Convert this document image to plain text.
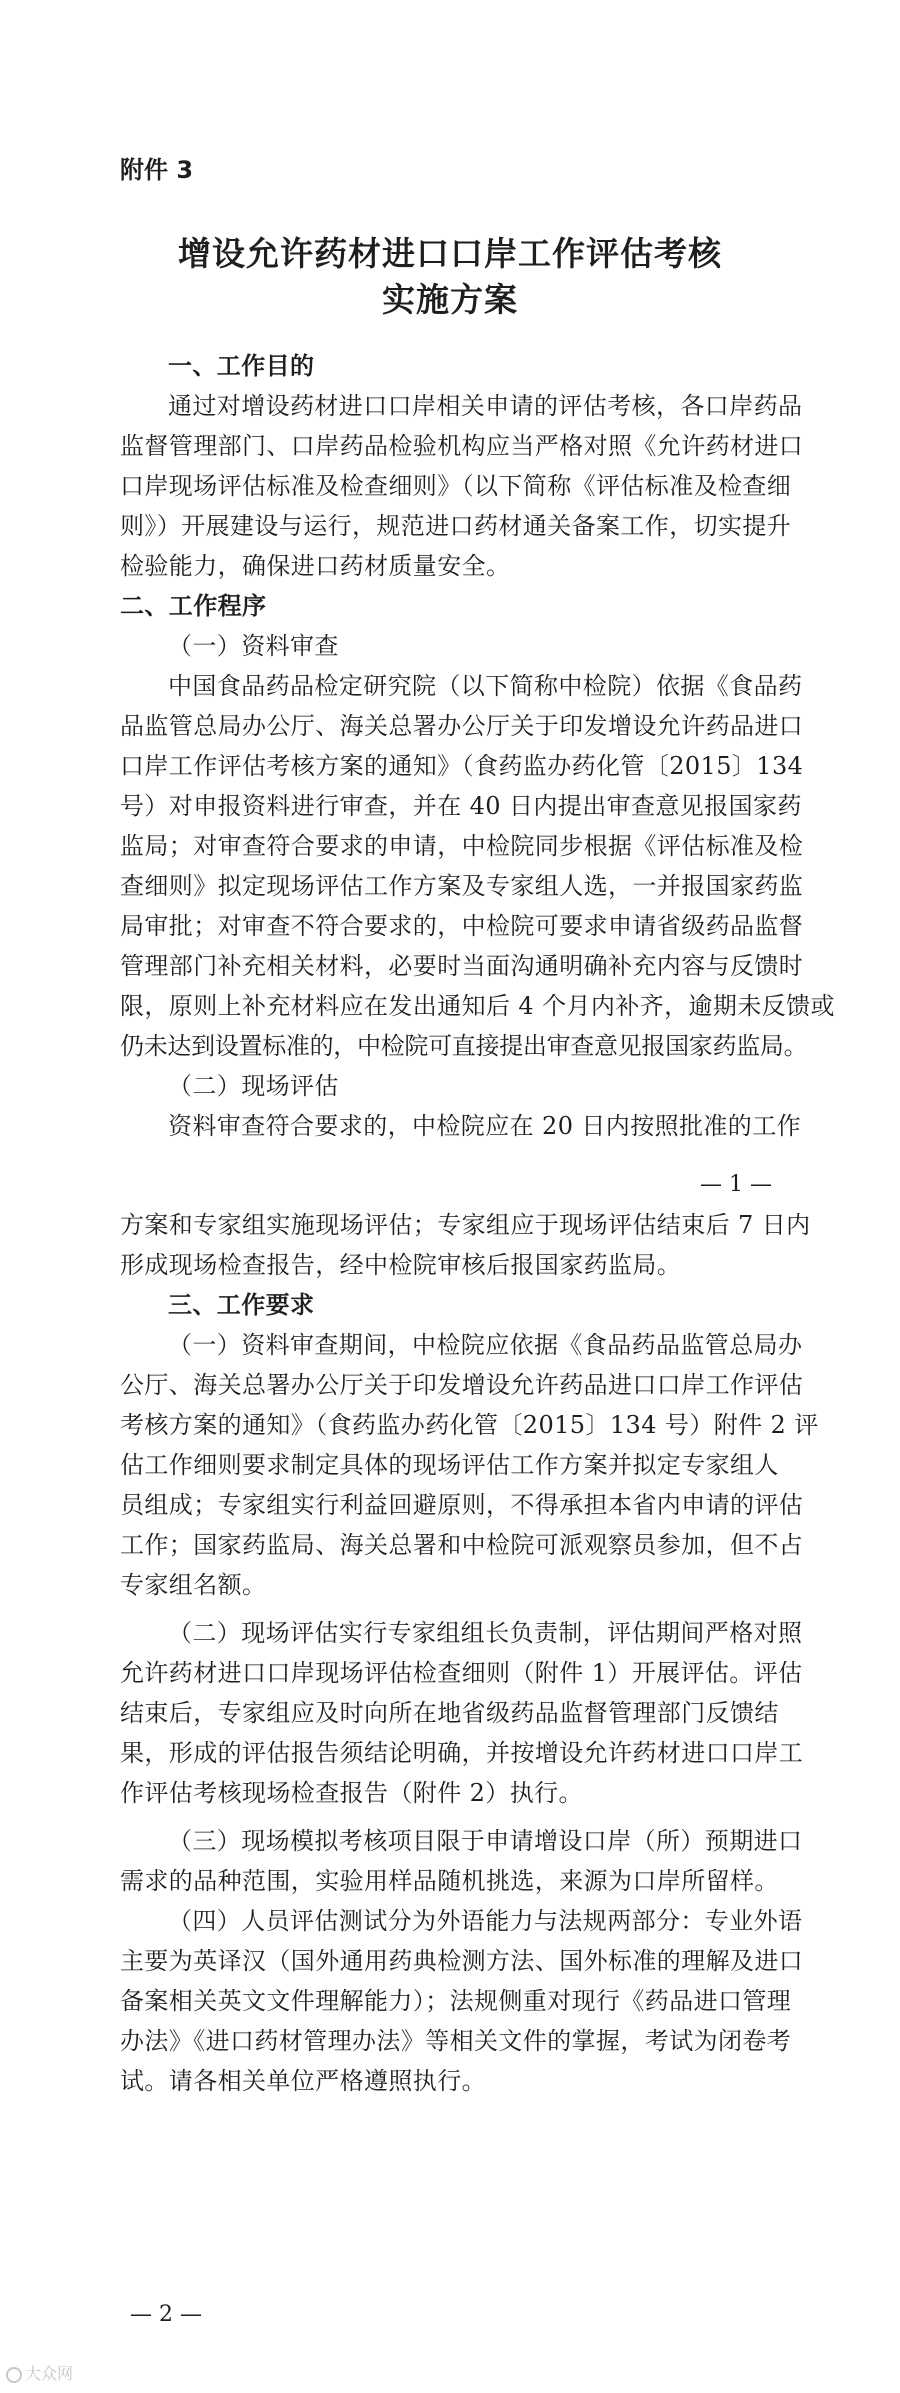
附件 3
增设允许药材进口口岸工作评估考核
实施方案
一、工作目的
通过对增设药材进口口岸相关申请的评估考核，各口岸药品
监督管理部门、口岸药品检验机构应当严格对照《允许药材进口
口岸现场评估标准及检查细则》（以下简称《评估标准及检查细
则》）开展建设与运行，规范进口药材通关备案工作，切实提升
检验能力，确保进口药材质量安全。
二、工作程序
（一）资料审查
中国食品药品检定研究院（以下简称中检院）依据《食品药
品监管总局办公厅、海关总署办公厅关于印发增设允许药品进口
口岸工作评估考核方案的通知》（食药监办药化管〔2015〕134
号）对申报资料进行审查，并在 40 日内提出审查意见报国家药
监局；对审查符合要求的申请，中检院同步根据《评估标准及检
查细则》拟定现场评估工作方案及专家组人选，一并报国家药监
局审批；对审查不符合要求的，中检院可要求申请省级药品监督
管理部门补充相关材料，必要时当面沟通明确补充内容与反馈时
限，原则上补充材料应在发出通知后 4 个月内补齐，逾期未反馈或
仍未达到设置标准的，中检院可直接提出审查意见报国家药监局。
（二）现场评估
资料审查符合要求的，中检院应在 20 日内按照批准的工作
— 1 —
方案和专家组实施现场评估；专家组应于现场评估结束后 7 日内
形成现场检查报告，经中检院审核后报国家药监局。
三、工作要求
（一）资料审查期间，中检院应依据《食品药品监管总局办
公厅、海关总署办公厅关于印发增设允许药品进口口岸工作评估
考核方案的通知》（食药监办药化管〔2015〕134 号）附件 2 评
估工作细则要求制定具体的现场评估工作方案并拟定专家组人
员组成；专家组实行利益回避原则，不得承担本省内申请的评估
工作；国家药监局、海关总署和中检院可派观察员参加，但不占
专家组名额。
（二）现场评估实行专家组组长负责制，评估期间严格对照
允许药材进口口岸现场评估检查细则（附件 1）开展评估。评估
结束后，专家组应及时向所在地省级药品监督管理部门反馈结
果，形成的评估报告须结论明确，并按增设允许药材进口口岸工
作评估考核现场检查报告（附件 2）执行。
（三）现场模拟考核项目限于申请增设口岸（所）预期进口
需求的品种范围，实验用样品随机挑选，来源为口岸所留样。
（四）人员评估测试分为外语能力与法规两部分：专业外语
主要为英译汉（国外通用药典检测方法、国外标准的理解及进口
备案相关英文文件理解能力）；法规侧重对现行《药品进口管理
办法》《进口药材管理办法》等相关文件的掌握，考试为闭卷考
试。请各相关单位严格遵照执行。
— 2 —
大众网
